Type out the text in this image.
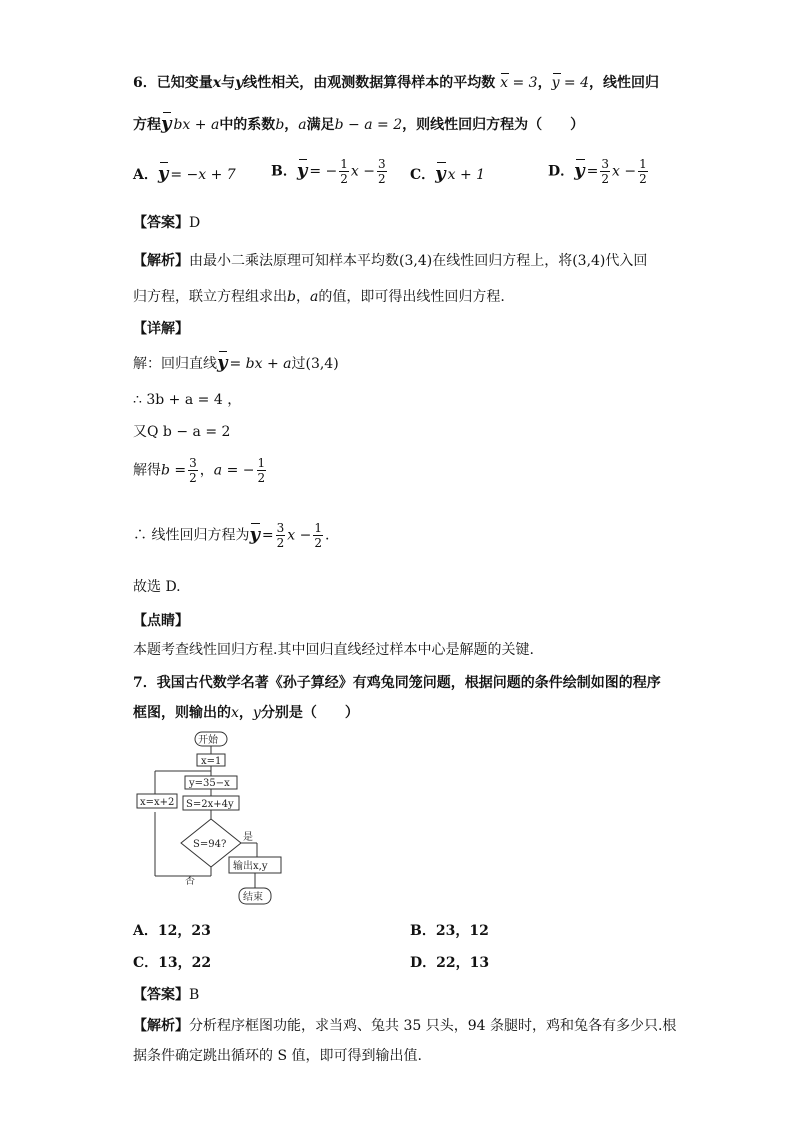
6．已知变量x与y线性相关，由观测数据算得样本的平均数 x = 3，
y = 4，线性回归
方程y bx + a中的系数b，a满足b − a = 2，则线性回归方程为（　　）
A．y = −x + 7	B．y = − $\frac{1}{2}$ $x - \frac{3}{2}$ C．y x + 1	D．$y = \frac{3}{2}$ $x - \frac{1}{2}$
【答案】D
【解析】由最小二乘法原理可知样本平均数(3,4)在线性回归方程上，将(3,4)代入回
归方程，联立方程组求出b，a的值，即可得出线性回归方程.
【详解】
解：回归直线y = bx + a过(3,4)
∴ 3b + a = 4 ，
又Q b − a = 2
解得$b = \frac{3}{2}$ ，a = − $\frac{1}{2}$
∴ 线性回归方程为$y = \frac{3}{2}$ $x - \frac{1}{2}$ .
故选 D.
【点睛】
本题考查线性回归方程.其中回归直线经过样本中心是解题的关键.
7．我国古代数学名著《孙子算经》有鸡兔同笼问题，根据问题的条件绘制如图的程序
框图，则输出的x，y分别是（　　）
开始
x=1
y=35−x
S=2x+4y
S=94?
是
否
x=x+2
输出x,y
结束
A．12，23	B．23，12
C．13，22	D．22，13
【答案】B
【解析】分析程序框图功能，求当鸡、兔共 35 只头，94 条腿时，鸡和兔各有多少只.根
据条件确定跳出循环的 S 值，即可得到输出值.
